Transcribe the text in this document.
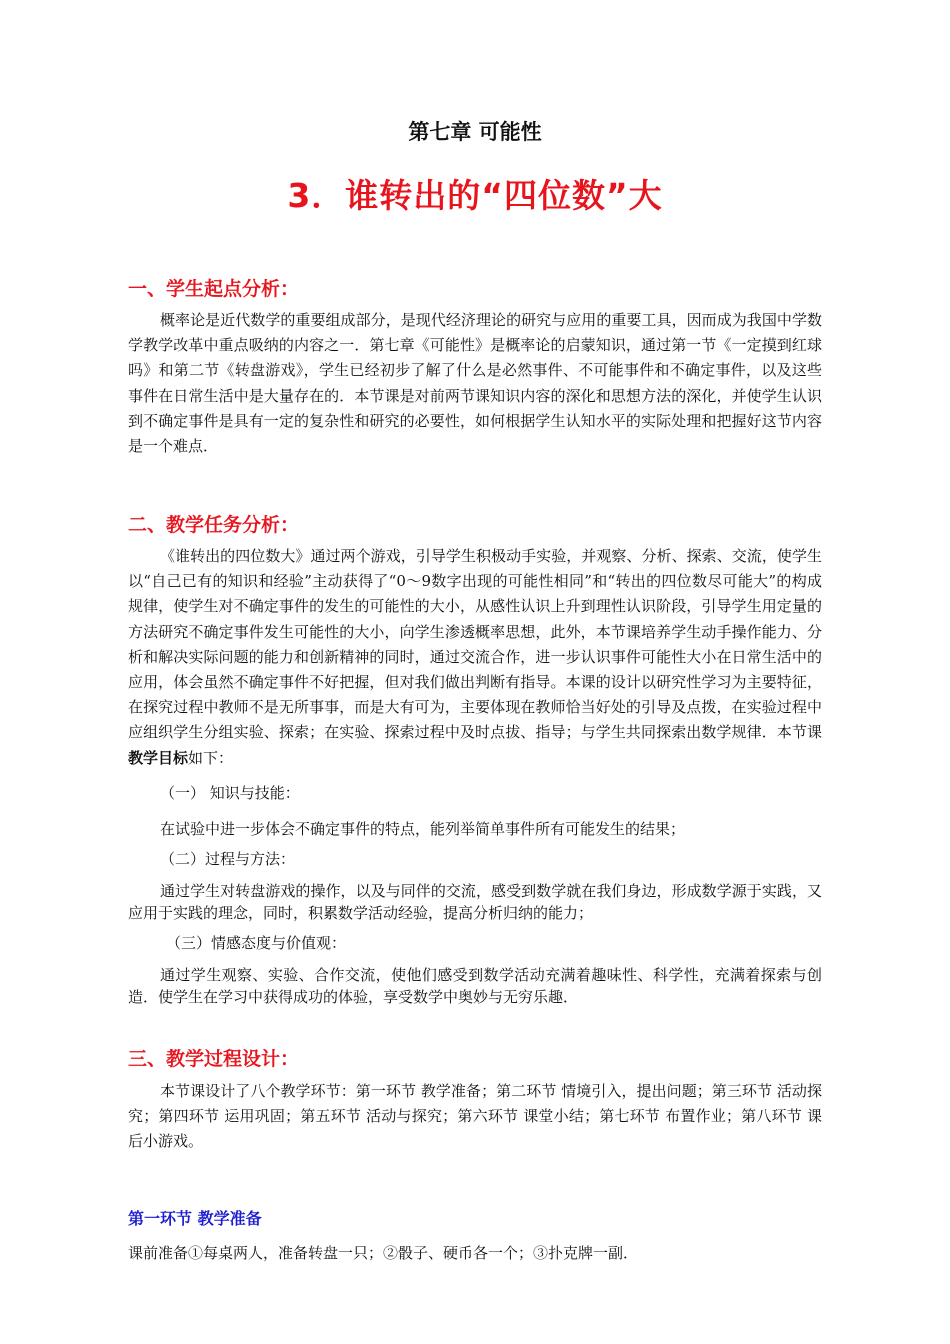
第七章 可能性
3．谁转出的“四位数”大
一、学生起点分析：

概率论是近代数学的重要组成部分，是现代经济理论的研究与应用的重要工具，因而成为我国中学数学教学改革中重点吸纳的内容之一．第七章《可能性》是概率论的启蒙知识，通过第一节《一定摸到红球吗》和第二节《转盘游戏》，学生已经初步了解了什么是必然事件、不可能事件和不确定事件，以及这些事件在日常生活中是大量存在的．本节课是对前两节课知识内容的深化和思想方法的深化，并使学生认识到不确定事件是具有一定的复杂性和研究的必要性，如何根据学生认知水平的实际处理和把握好这节内容是一个难点．

二、教学任务分析：

《谁转出的四位数大》通过两个游戏，引导学生积极动手实验，并观察、分析、探索、交流，使学生以“自己已有的知识和经验”主动获得了“0～9数字出现的可能性相同”和“转出的四位数尽可能大”的构成规律，使学生对不确定事件的发生的可能性的大小，从感性认识上升到理性认识阶段，引导学生用定量的方法研究不确定事件发生可能性的大小，向学生渗透概率思想，此外，本节课培养学生动手操作能力、分析和解决实际问题的能力和创新精神的同时，通过交流合作，进一步认识事件可能性大小在日常生活中的应用，体会虽然不确定事件不好把握，但对我们做出判断有指导。本课的设计以研究性学习为主要特征，在探究过程中教师不是无所事事，而是大有可为，主要体现在教师恰当好处的引导及点拨，在实验过程中应组织学生分组实验、探索；在实验、探索过程中及时点拔、指导；与学生共同探索出数学规律．本节课教学目标如下：

（一） 知识与技能：
在试验中进一步体会不确定事件的特点，能列举简单事件所有可能发生的结果；
（二）过程与方法：

通过学生对转盘游戏的操作，以及与同伴的交流，感受到数学就在我们身边，形成数学源于实践，又应用于实践的理念，同时，积累数学活动经验，提高分析归纳的能力；

（三）情感态度与价值观：

通过学生观察、实验、合作交流，使他们感受到数学活动充满着趣味性、科学性，充满着探索与创造．使学生在学习中获得成功的体验，享受数学中奥妙与无穷乐趣．

三、教学过程设计：

本节课设计了八个教学环节：第一环节 教学准备；第二环节 情境引入，提出问题；第三环节 活动探究；第四环节 运用巩固；第五环节 活动与探究；第六环节 课堂小结；第七环节 布置作业；第八环节 课后小游戏。

第一环节 教学准备
课前准备①每桌两人，准备转盘一只；②骰子、硬币各一个；③扑克牌一副．
